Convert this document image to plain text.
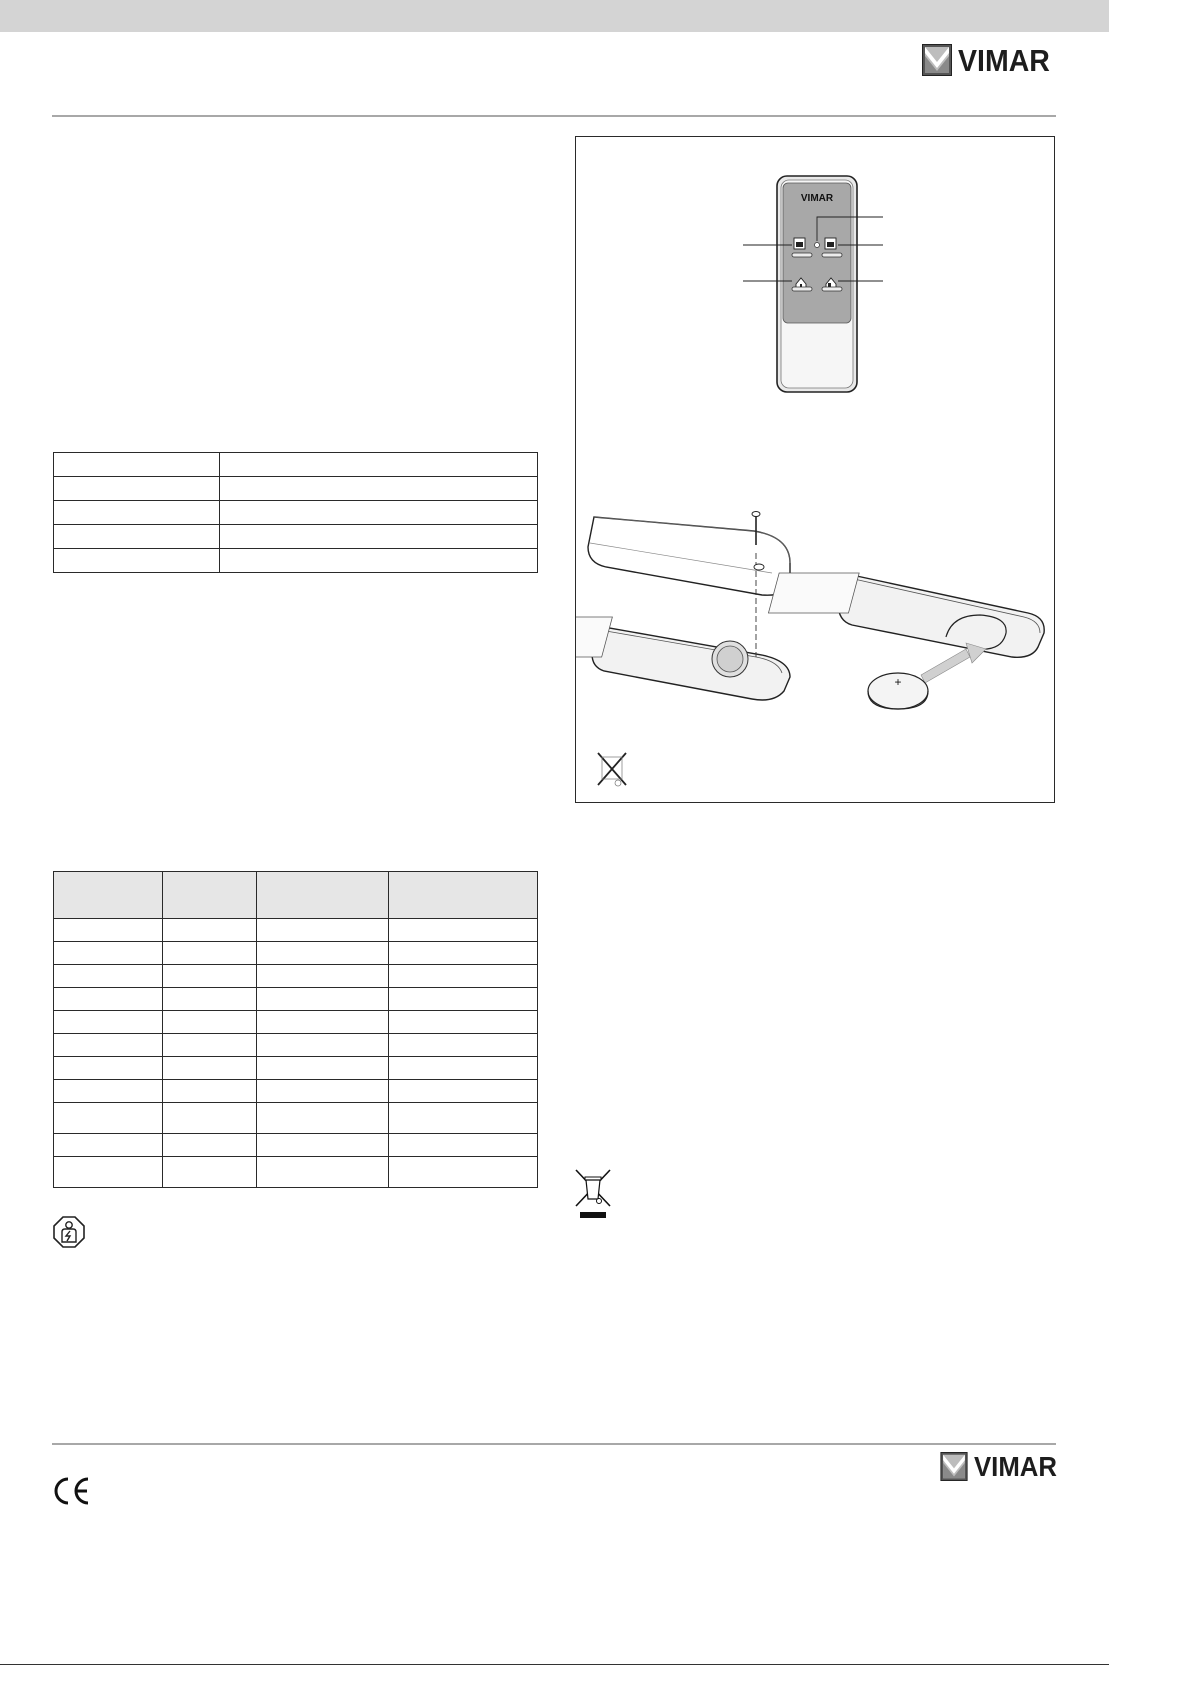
VIMAR

VIMAR
+
VIMAR
